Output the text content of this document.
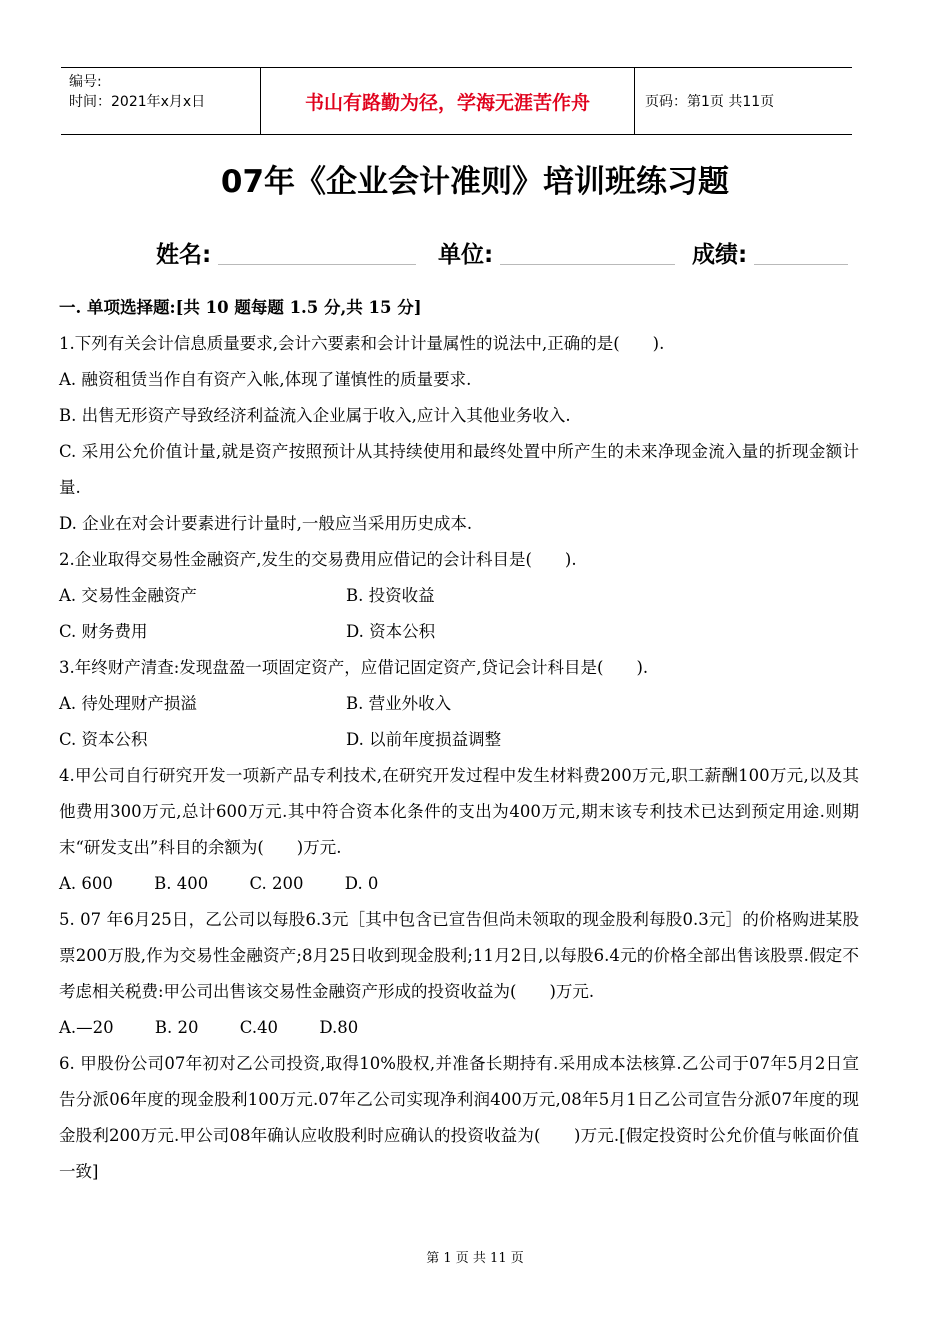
编号:
时间：2021年x月x日	书山有路勤为径，学海无涯苦作舟	页码：第1页 共11页
07年《企业会计准则》培训班练习题
姓名:	单位:	成绩:

一. 单项选择题:[共 10 题每题 1.5 分,共 15 分]

1.下列有关会计信息质量要求,会计六要素和会计计量属性的说法中,正确的是(　　).

A. 融资租赁当作自有资产入帐,体现了谨慎性的质量要求.

B. 出售无形资产导致经济利益流入企业属于收入,应计入其他业务收入.

C. 采用公允价值计量,就是资产按照预计从其持续使用和最终处置中所产生的未来净现金流入量的折现金额计量.

D. 企业在对会计要素进行计量时,一般应当采用历史成本.

2.企业取得交易性金融资产,发生的交易费用应借记的会计科目是(　　).

A. 交易性金融资产	B. 投资收益
C. 财务费用	D. 资本公积

3.年终财产清查:发现盘盈一项固定资产，应借记固定资产,贷记会计科目是(　　).

A. 待处理财产损溢	B. 营业外收入
C. 资本公积	D. 以前年度损益调整

4.甲公司自行研究开发一项新产品专利技术,在研究开发过程中发生材料费200万元,职工薪酬100万元,以及其他费用300万元,总计600万元.其中符合资本化条件的支出为400万元,期末该专利技术已达到预定用途.则期末“研发支出”科目的余额为(　　)万元.

A. 600	B. 400	C. 200	D. 0

5. 07 年6月25日，乙公司以每股6.3元［其中包含已宣告但尚未领取的现金股利每股0.3元］的价格购进某股票200万股,作为交易性金融资产;8月25日收到现金股利;11月2日,以每股6.4元的价格全部出售该股票.假定不考虑相关税费:甲公司出售该交易性金融资产形成的投资收益为(　　)万元.

A.—20	B. 20	C.40	D.80

6. 甲股份公司07年初对乙公司投资,取得10%股权,并准备长期持有.采用成本法核算.乙公司于07年5月2日宣告分派06年度的现金股利100万元.07年乙公司实现净利润400万元,08年5月1日乙公司宣告分派07年度的现金股利200万元.甲公司08年确认应收股利时应确认的投资收益为(　　)万元.[假定投资时公允价值与帐面价值一致]

第 1 页 共 11 页
